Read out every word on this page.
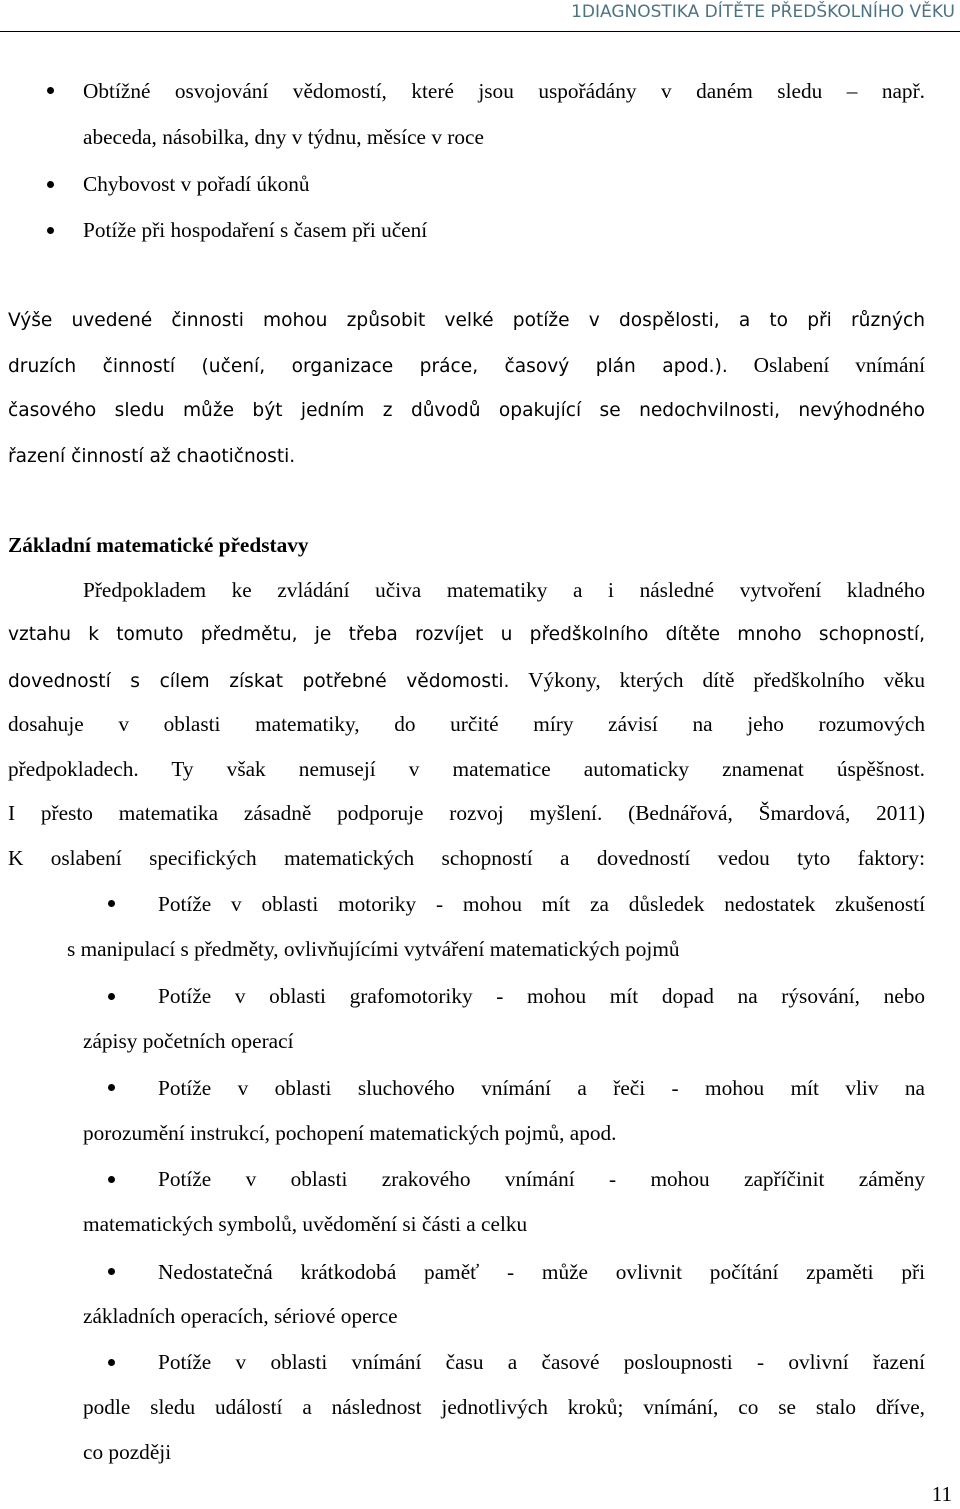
1DIAGNOSTIKA DÍTĚTE PŘEDŠKOLNÍHO VĚKU
Obtížné osvojování vědomostí, které jsou uspořádány v daném sledu – např.
abeceda, násobilka, dny v týdnu, měsíce v roce
Chybovost v pořadí úkonů
Potíže při hospodaření s časem při učení
Výše uvedené činnosti mohou způsobit velké potíže v dospělosti, a to při různých
druzích činností (učení, organizace práce, časový plán apod.). Oslabení vnímání
časového sledu může být jedním z důvodů opakující se nedochvilnosti, nevýhodného
řazení činností až chaotičnosti.
Základní matematické představy
Předpokladem ke zvládání učiva matematiky a i následné vytvoření kladného
vztahu k tomuto předmětu, je třeba rozvíjet u předškolního dítěte mnoho schopností,
dovedností s cílem získat potřebné vědomosti. Výkony, kterých dítě předškolního věku
dosahuje v oblasti matematiky, do určité míry závisí na jeho rozumových
předpokladech. Ty však nemusejí v matematice automaticky znamenat úspěšnost.
I přesto matematika zásadně podporuje rozvoj myšlení. (Bednářová, Šmardová, 2011)
K oslabení specifických matematických schopností a dovedností vedou tyto faktory:
Potíže v oblasti motoriky - mohou mít za důsledek nedostatek zkušeností
s manipulací s předměty, ovlivňujícími vytváření matematických pojmů
Potíže v oblasti grafomotoriky - mohou mít dopad na rýsování, nebo
zápisy početních operací
Potíže v oblasti sluchového vnímání a řeči - mohou mít vliv na
porozumění instrukcí, pochopení matematických pojmů, apod.
Potíže v oblasti zrakového vnímání - mohou zapříčinit záměny
matematických symbolů, uvědomění si části a celku
Nedostatečná krátkodobá paměť - může ovlivnit počítání zpaměti při
základních operacích, sériové operce
Potíže v oblasti vnímání času a časové posloupnosti - ovlivní řazení
podle sledu událostí a následnost jednotlivých kroků; vnímání, co se stalo dříve,
co později
11
